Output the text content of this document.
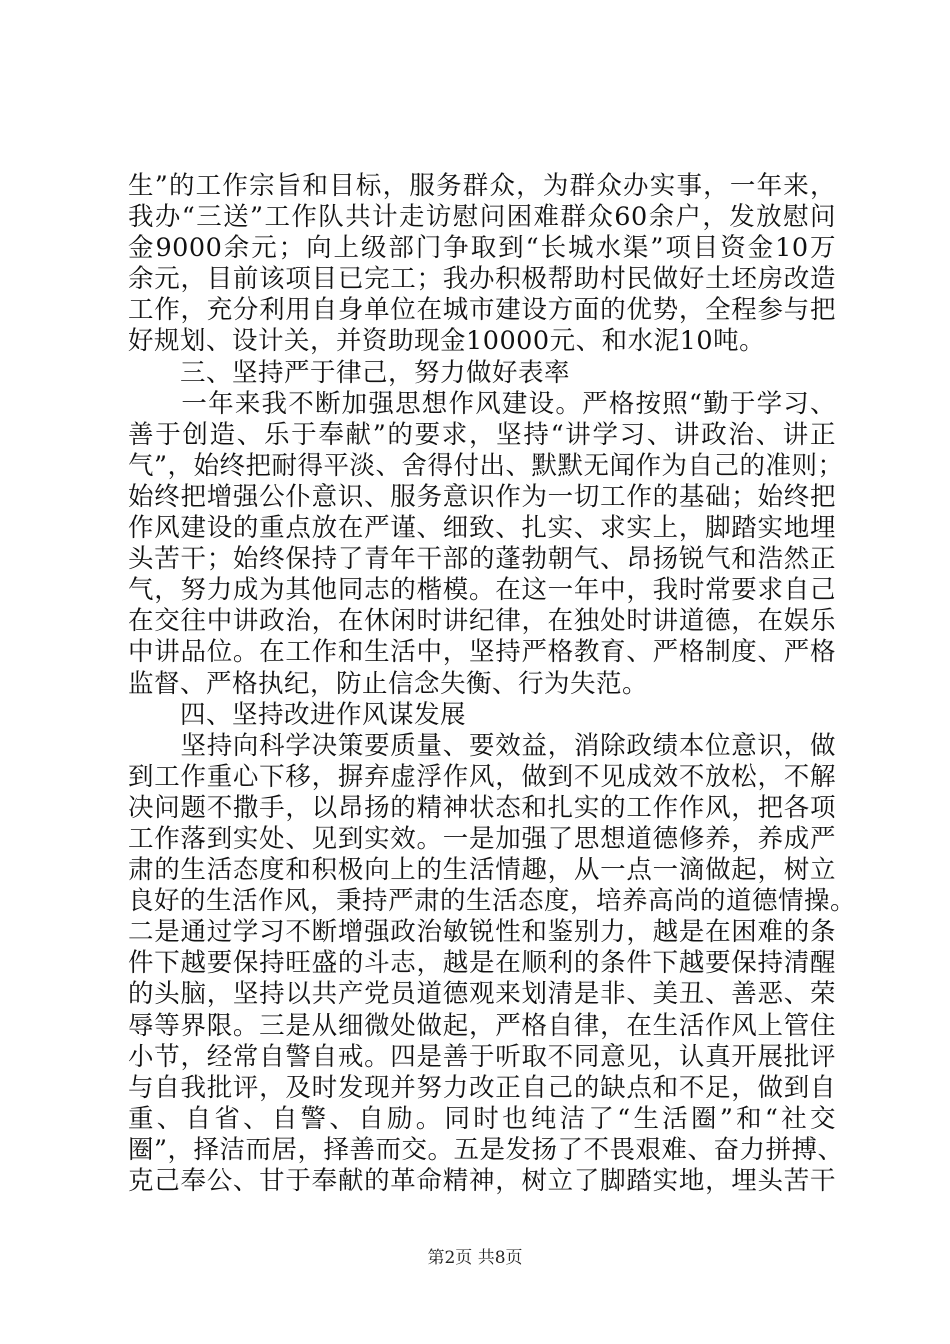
生”的工作宗旨和目标，服务群众，为群众办实事，一年来，
我办“三送”工作队共计走访慰问困难群众60余户，发放慰问
金9000余元；向上级部门争取到“长城水渠”项目资金10万
余元，目前该项目已完工；我办积极帮助村民做好土坯房改造
工作，充分利用自身单位在城市建设方面的优势，全程参与把
好规划、设计关，并资助现金10000元、和水泥10吨。
　　三、坚持严于律己，努力做好表率
　　一年来我不断加强思想作风建设。严格按照“勤于学习、
善于创造、乐于奉献”的要求，坚持“讲学习、讲政治、讲正
气”，始终把耐得平淡、舍得付出、默默无闻作为自己的准则；
始终把增强公仆意识、服务意识作为一切工作的基础；始终把
作风建设的重点放在严谨、细致、扎实、求实上，脚踏实地埋
头苦干；始终保持了青年干部的蓬勃朝气、昂扬锐气和浩然正
气，努力成为其他同志的楷模。在这一年中，我时常要求自己
在交往中讲政治，在休闲时讲纪律，在独处时讲道德，在娱乐
中讲品位。在工作和生活中，坚持严格教育、严格制度、严格
监督、严格执纪，防止信念失衡、行为失范。
　　四、坚持改进作风谋发展
　　坚持向科学决策要质量、要效益，消除政绩本位意识，做
到工作重心下移，摒弃虚浮作风，做到不见成效不放松，不解
决问题不撒手，以昂扬的精神状态和扎实的工作作风，把各项
工作落到实处、见到实效。一是加强了思想道德修养，养成严
肃的生活态度和积极向上的生活情趣，从一点一滴做起，树立
良好的生活作风，秉持严肃的生活态度，培养高尚的道德情操。
二是通过学习不断增强政治敏锐性和鉴别力，越是在困难的条
件下越要保持旺盛的斗志，越是在顺利的条件下越要保持清醒
的头脑，坚持以共产党员道德观来划清是非、美丑、善恶、荣
辱等界限。三是从细微处做起，严格自律，在生活作风上管住
小节，经常自警自戒。四是善于听取不同意见，认真开展批评
与自我批评，及时发现并努力改正自己的缺点和不足，做到自
重、自省、自警、自励。同时也纯洁了“生活圈”和“社交
圈”，择洁而居，择善而交。五是发扬了不畏艰难、奋力拼搏、
克己奉公、甘于奉献的革命精神，树立了脚踏实地，埋头苦干
第2页 共8页
